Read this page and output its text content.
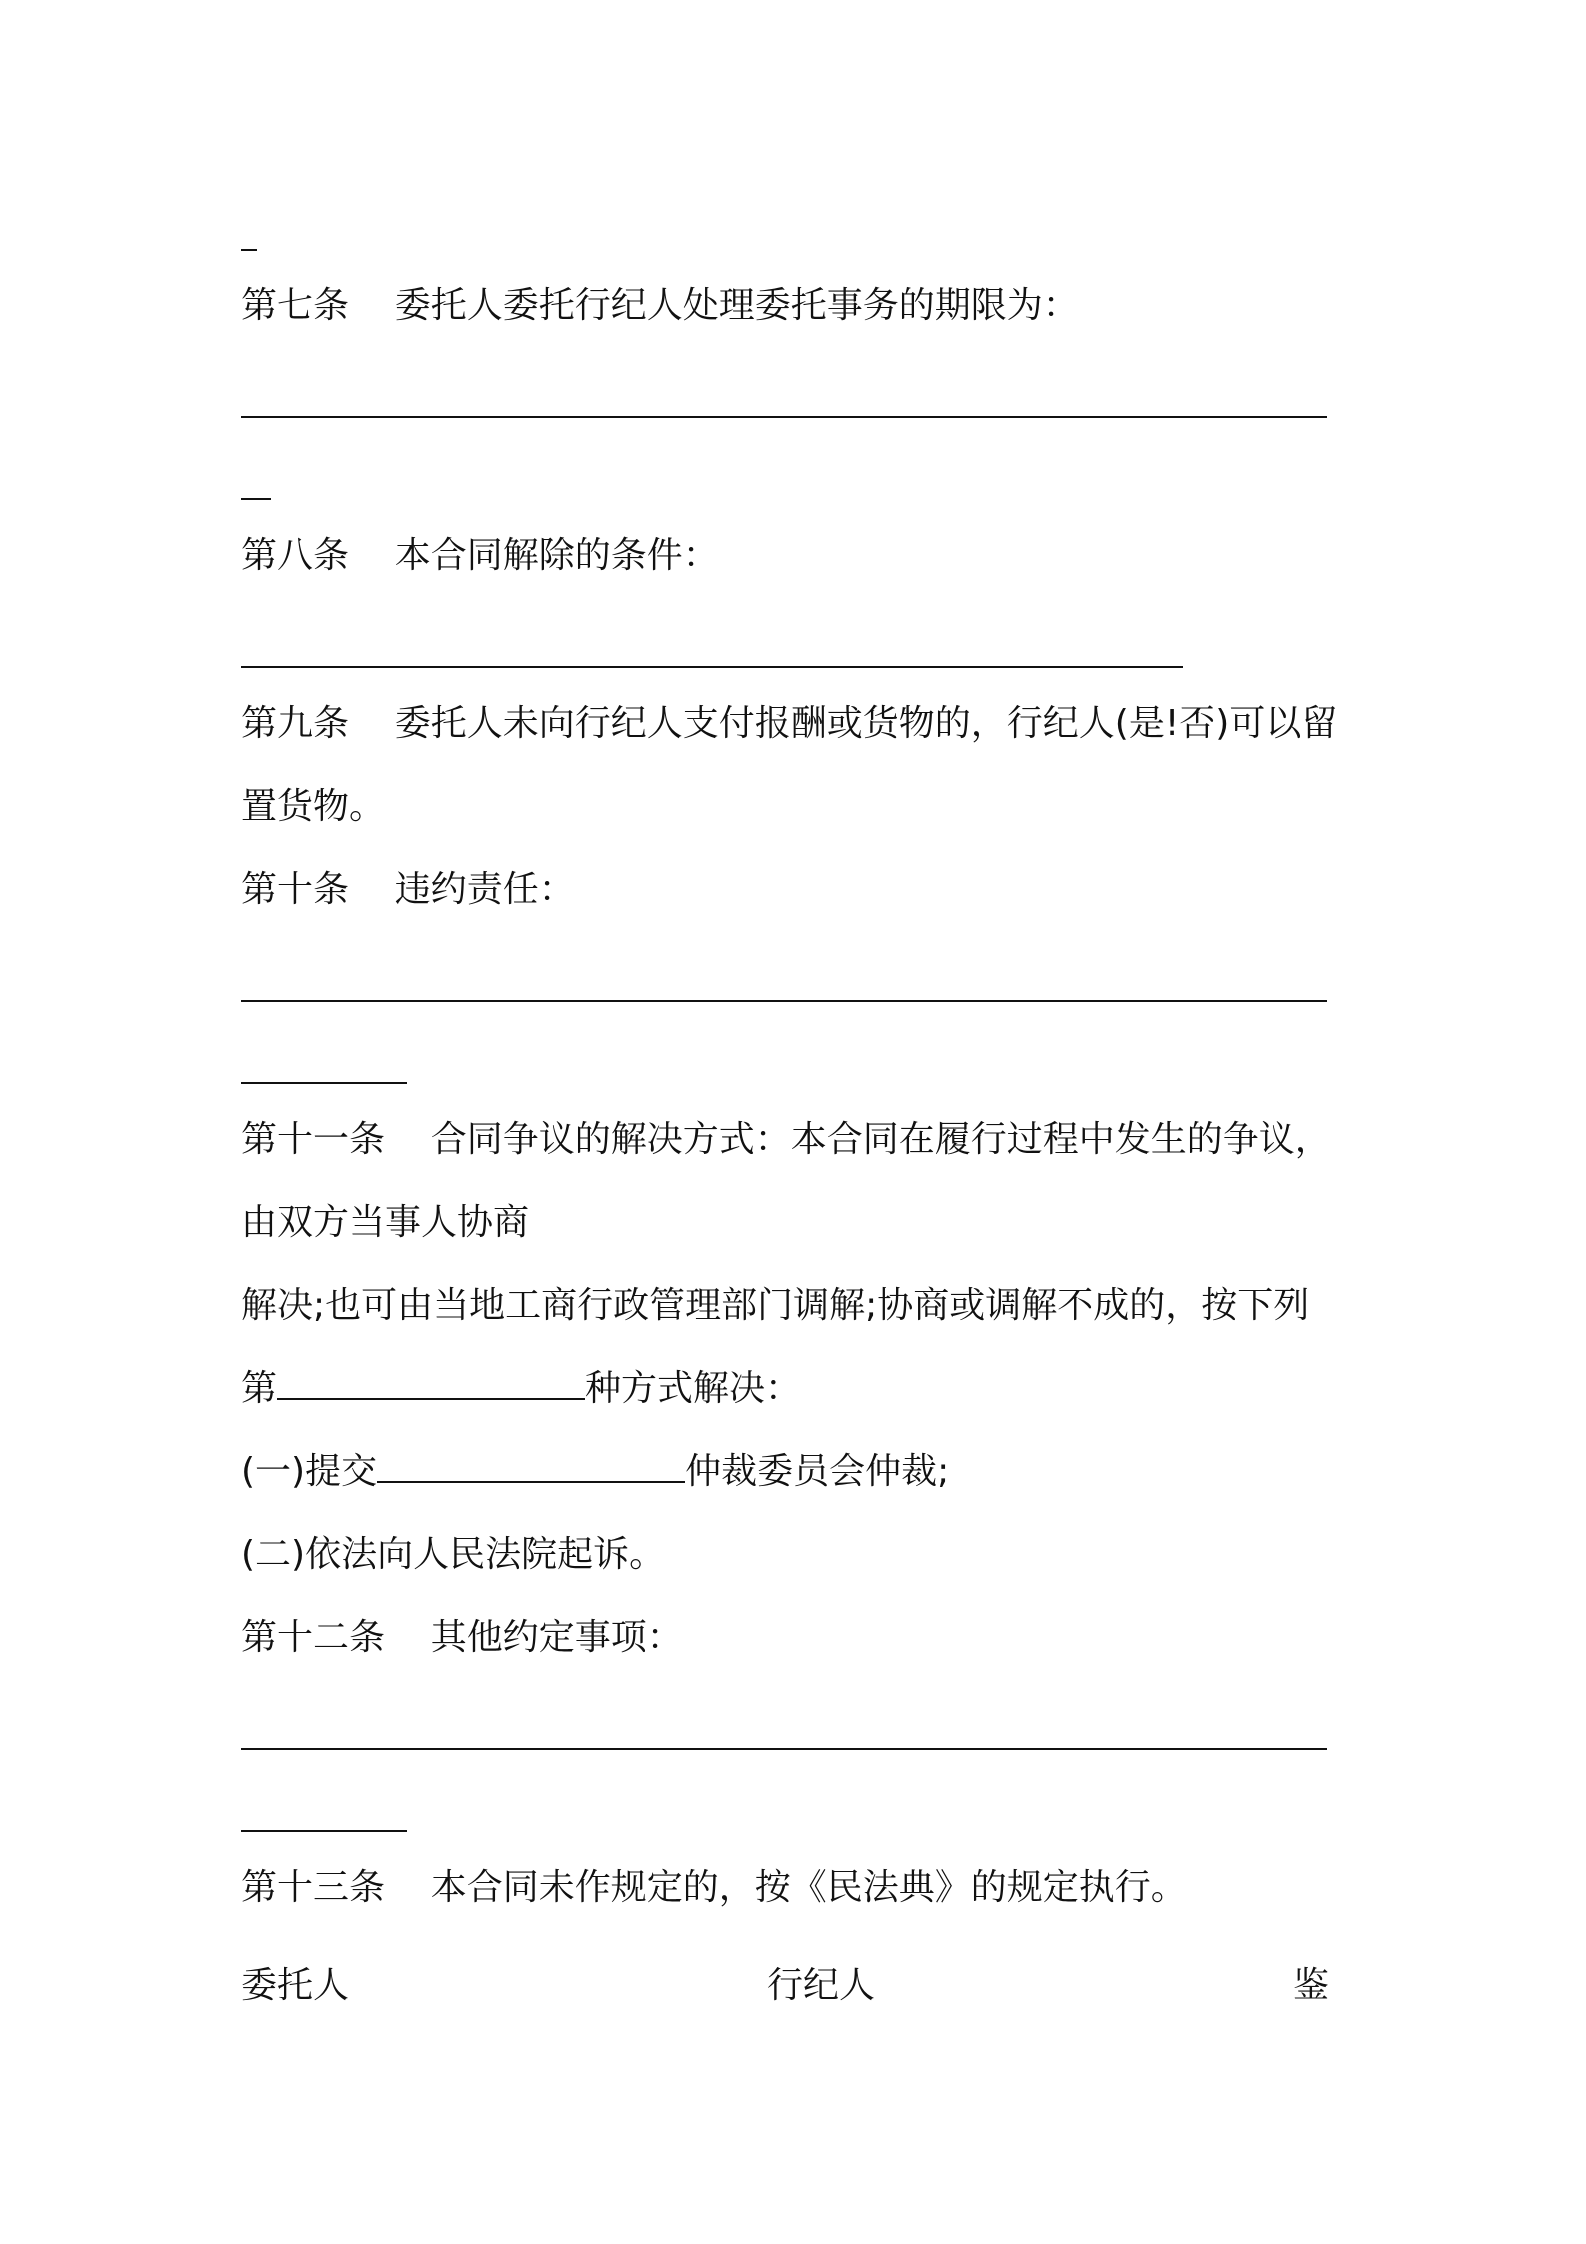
第七条 委托人委托行纪人处理委托事务的期限为：

第八条 本合同解除的条件：

第九条 委托人未向行纪人支付报酬或货物的，行纪人(是!否)可以留

置货物。

第十条 违约责任：

第十一条 合同争议的解决方式：本合同在履行过程中发生的争议，

由双方当事人协商

解决;也可由当地工商行政管理部门调解;协商或调解不成的，按下列

第	种方式解决：

(一)提交	仲裁委员会仲裁;

(二)依法向人民法院起诉。

第十二条 其他约定事项：

第十三条 本合同未作规定的，按《民法典》的规定执行。

委托人	行纪人	鉴
